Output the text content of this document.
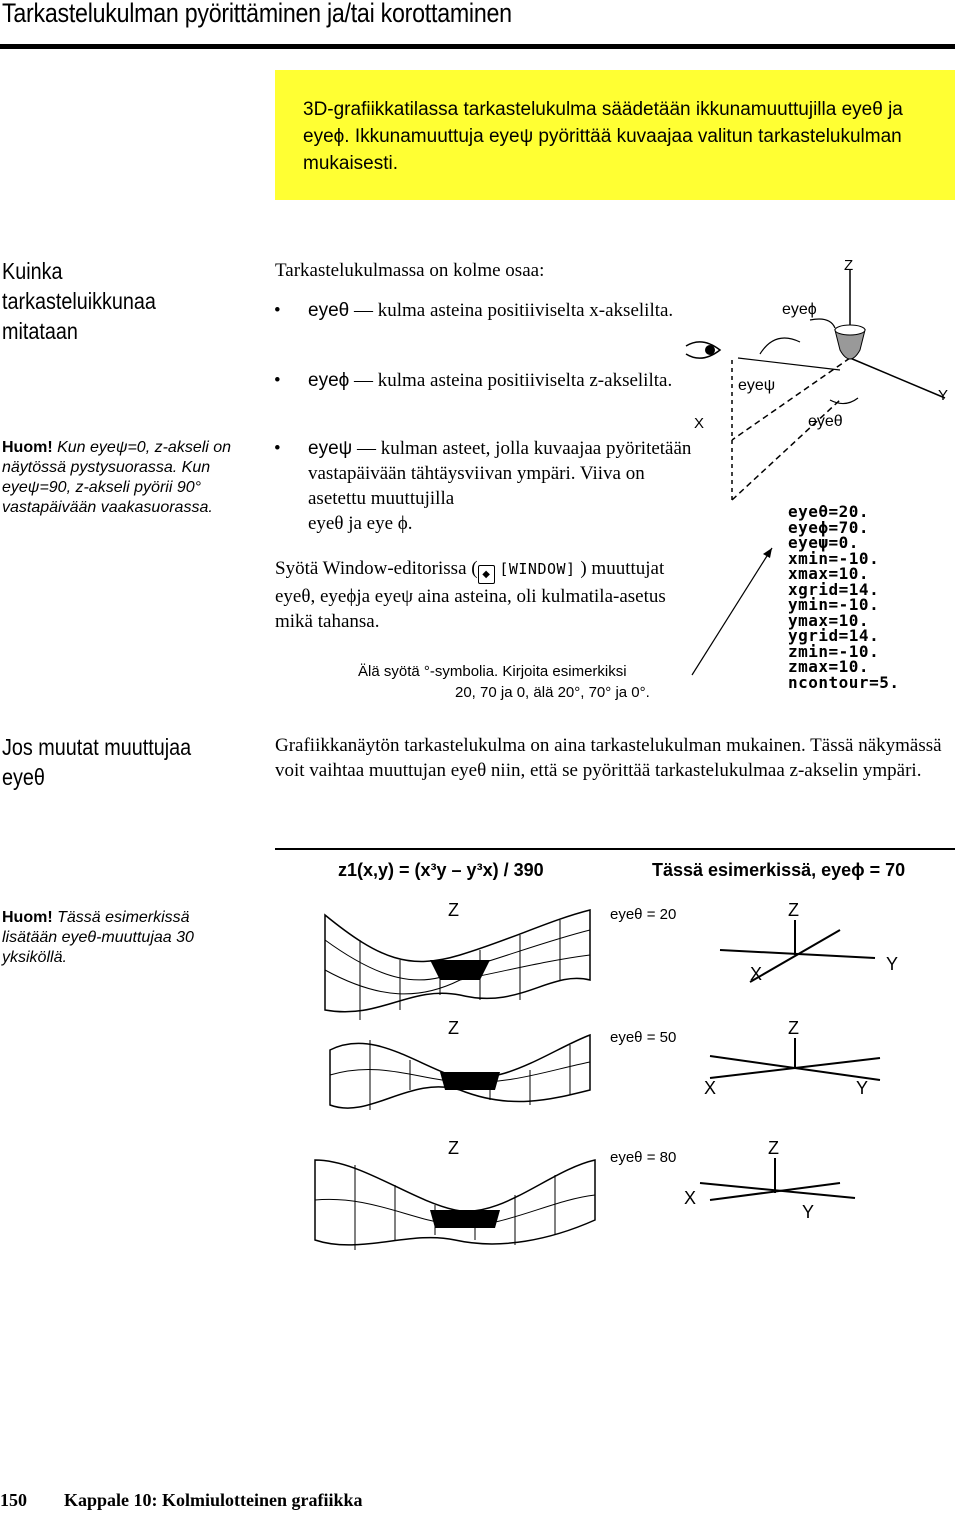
Tarkastelukulman pyörittäminen ja/tai korottaminen

3D-grafiikkatilassa tarkastelukulma säädetään ikkunamuuttujilla eyeθ ja eyeϕ. Ikkunamuuttuja eyeψ pyörittää kuvaajaa valitun tarkastelukulman mukaisesti.

Kuinka
tarkasteluikkunaa
mitataan
Huom! Kun eyeψ=0, z-akseli on näytössä pystysuorassa. Kun eyeψ=90, z-akseli pyörii 90° vastapäivään vaakasuorassa.
Tarkastelukulmassa on kolme osaa:
• eyeθ — kulma asteina positiiviselta x-akselilta.
• eyeϕ — kulma asteina positiiviselta z-akselilta.
• eyeψ — kulman asteet, jolla kuvaajaa pyöritetään vastapäivään tähtäysviivan ympäri. Viiva on asetettu muuttujilla
eyeθ ja eye ϕ.
Syötä Window-editorissa ( ◆ [WINDOW] ) muuttujat eyeθ, eyeϕja eyeψ aina asteina, oli kulmatila-asetus mikä tahansa.
Älä syötä °-symbolia. Kirjoita esimerkiksi
20, 70 ja 0, älä 20°, 70° ja 0°.
Z
Y
X
eyeϕ
eyeψ
eyeθ
eyeθ=20.
eyeϕ=70.
eyeψ=0.
xmin=-10.
xmax=10.
xgrid=14.
ymin=-10.
ymax=10.
ygrid=14.
zmin=-10.
zmax=10.
ncontour=5.
Jos muutat muuttujaa
eyeθ
Grafiikkanäytön tarkastelukulma on aina tarkastelukulman mukainen. Tässä näkymässä voit vaihtaa muuttujan eyeθ niin, että se pyörittää tarkastelukulmaa z-akselin ympäri.
z1(x,y) = (x³y – y³x) / 390	Tässä esimerkissä, eyeϕ = 70
Huom! Tässä esimerkissä lisätään eyeθ-muuttujaa 30 yksiköllä.
Z
Z
Z
eyeθ = 20
eyeθ = 50
eyeθ = 80
Z
X	Y
Z
X	Y
Z
X
Y
150 Kappale 10: Kolmiulotteinen grafiikka
